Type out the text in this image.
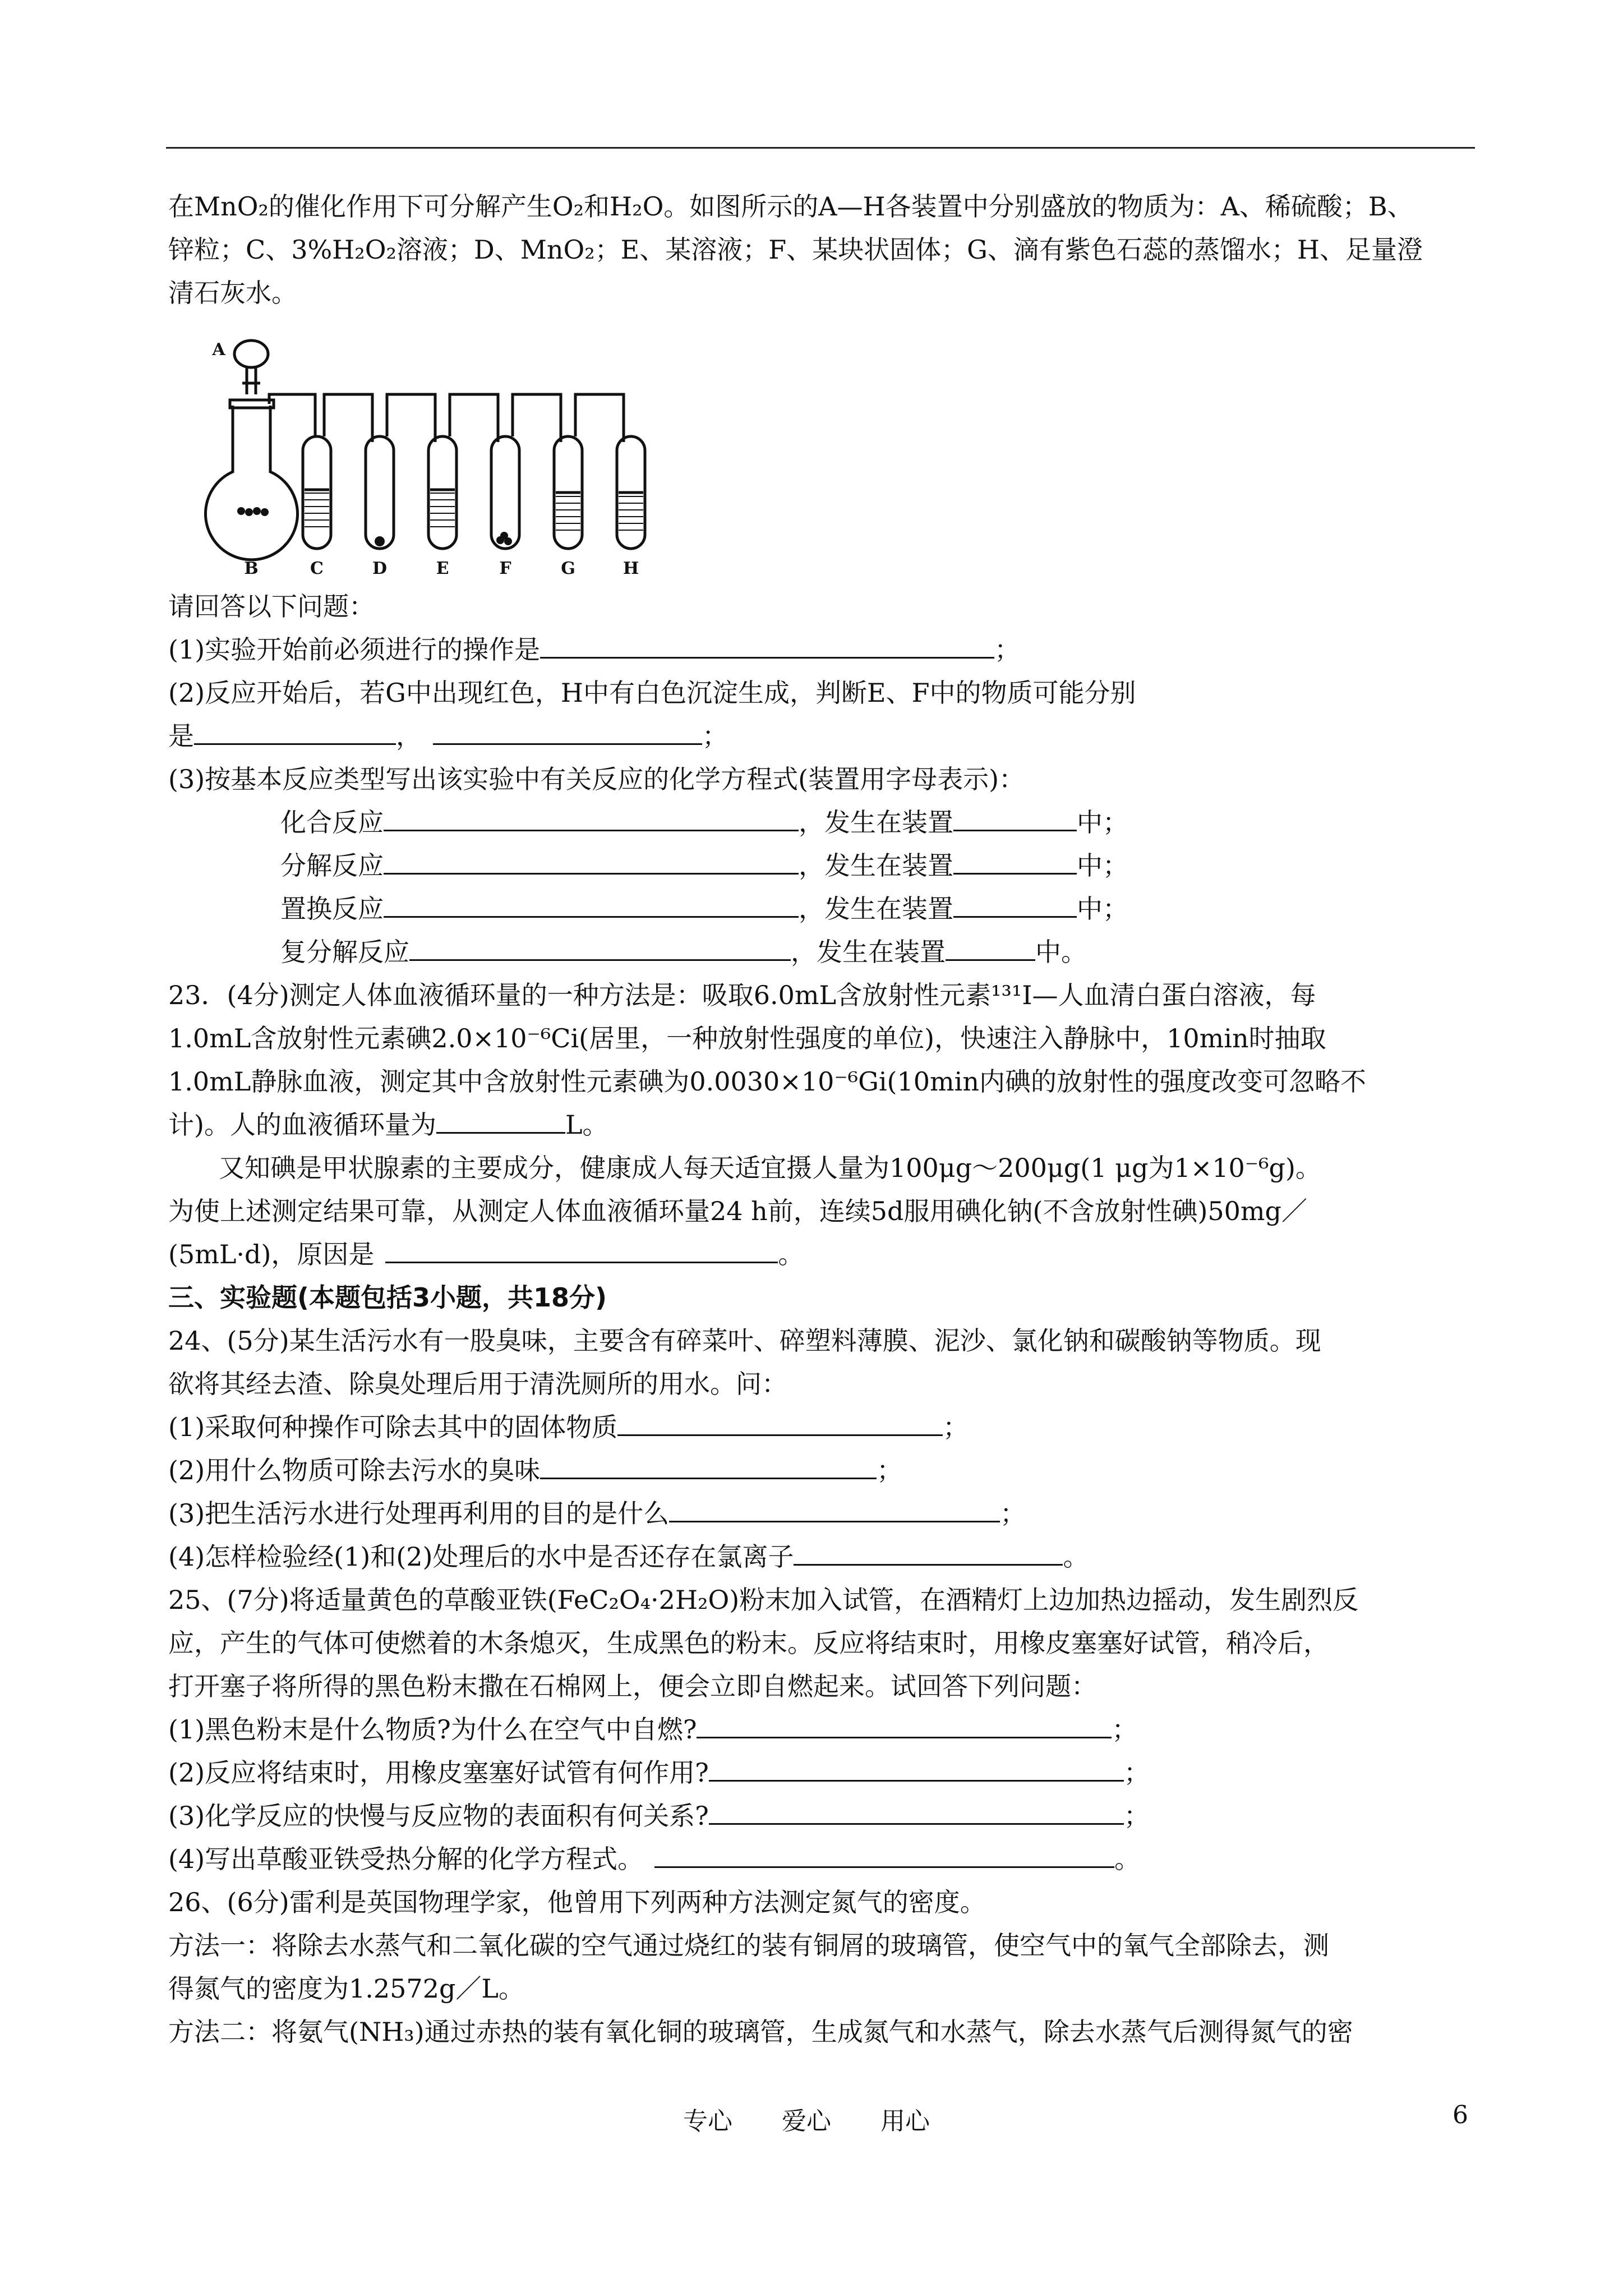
在MnO₂的催化作用下可分解产生O₂和H₂O。如图所示的A—H各装置中分别盛放的物质为：A、稀硫酸；B、
锌粒；C、3%H₂O₂溶液；D、MnO₂；E、某溶液；F、某块状固体；G、滴有紫色石蕊的蒸馏水；H、足量澄
清石灰水。
A
B	C	D	E	F	G	H
请回答以下问题：
(1)实验开始前必须进行的操作是	；
(2)反应开始后，若G中出现红色，H中有白色沉淀生成，判断E、F中的物质可能分别
是	，	；
(3)按基本反应类型写出该实验中有关反应的化学方程式(装置用字母表示)：
化合反应	，发生在装置	中；
分解反应	，发生在装置	中；
置换反应	，发生在装置	中；
复分解反应	，发生在装置	中。
23．(4分)测定人体血液循环量的一种方法是：吸取6.0mL含放射性元素¹³¹I—人血清白蛋白溶液，每
1.0mL含放射性元素碘2.0×10⁻⁶Ci(居里，一种放射性强度的单位)，快速注入静脉中，10min时抽取
1.0mL静脉血液，测定其中含放射性元素碘为0.0030×10⁻⁶Gi(10min内碘的放射性的强度改变可忽略不
计)。人的血液循环量为	L。
又知碘是甲状腺素的主要成分，健康成人每天适宜摄人量为100μg～200μg(1 μg为1×10⁻⁶g)。
为使上述测定结果可靠，从测定人体血液循环量24 h前，连续5d服用碘化钠(不含放射性碘)50mg／
(5mL·d)，原因是	。
三、实验题(本题包括3小题，共18分)
24、(5分)某生活污水有一股臭味，主要含有碎菜叶、碎塑料薄膜、泥沙、氯化钠和碳酸钠等物质。现
欲将其经去渣、除臭处理后用于清洗厕所的用水。问：
(1)采取何种操作可除去其中的固体物质	；
(2)用什么物质可除去污水的臭味	；
(3)把生活污水进行处理再利用的目的是什么	；
(4)怎样检验经(1)和(2)处理后的水中是否还存在氯离子	。
25、(7分)将适量黄色的草酸亚铁(FeC₂O₄·2H₂O)粉末加入试管，在酒精灯上边加热边摇动，发生剧烈反
应，产生的气体可使燃着的木条熄灭，生成黑色的粉末。反应将结束时，用橡皮塞塞好试管，稍冷后，
打开塞子将所得的黑色粉末撒在石棉网上，便会立即自燃起来。试回答下列问题：
(1)黑色粉末是什么物质?为什么在空气中自燃?	；
(2)反应将结束时，用橡皮塞塞好试管有何作用?	；
(3)化学反应的快慢与反应物的表面积有何关系?	；
(4)写出草酸亚铁受热分解的化学方程式。	。
26、(6分)雷利是英国物理学家，他曾用下列两种方法测定氮气的密度。
方法一：将除去水蒸气和二氧化碳的空气通过烧红的装有铜屑的玻璃管，使空气中的氧气全部除去，测
得氮气的密度为1.2572g／L。
方法二：将氨气(NH₃)通过赤热的装有氧化铜的玻璃管，生成氮气和水蒸气，除去水蒸气后测得氮气的密
专心　　爱心　　用心	6
